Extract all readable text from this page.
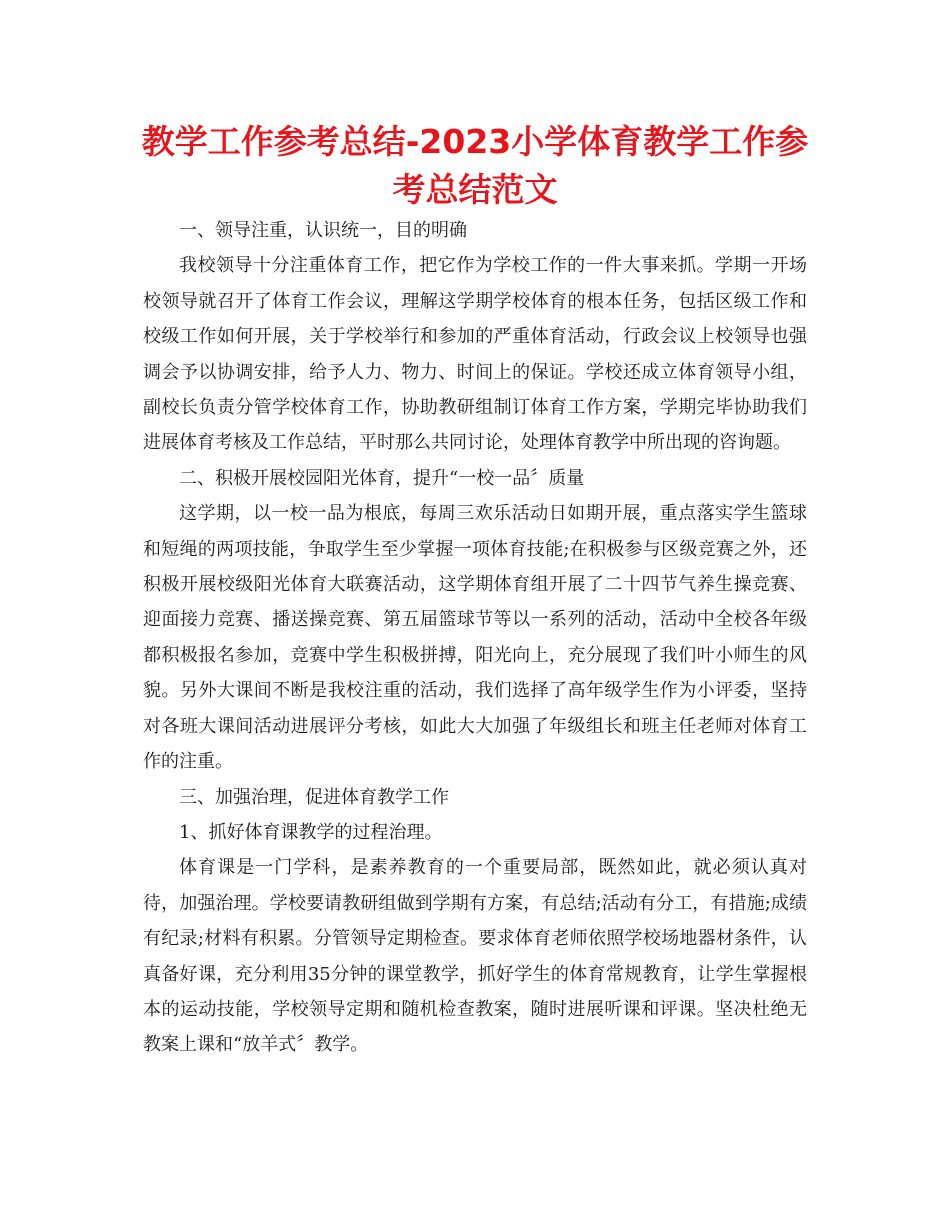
教学工作参考总结-2023小学体育教学工作参考总结范文

一、领导注重，认识统一，目的明确

我校领导十分注重体育工作，把它作为学校工作的一件大事来抓。学期一开场校领导就召开了体育工作会议，理解这学期学校体育的根本任务，包括区级工作和校级工作如何开展，关于学校举行和参加的严重体育活动，行政会议上校领导也强调会予以协调安排，给予人力、物力、时间上的保证。学校还成立体育领导小组，副校长负责分管学校体育工作，协助教研组制订体育工作方案，学期完毕协助我们进展体育考核及工作总结，平时那么共同讨论，处理体育教学中所出现的咨询题。

二、积极开展校园阳光体育，提升“一校一品〞质量

这学期，以一校一品为根底，每周三欢乐活动日如期开展，重点落实学生篮球和短绳的两项技能，争取学生至少掌握一项体育技能;在积极参与区级竞赛之外，还积极开展校级阳光体育大联赛活动，这学期体育组开展了二十四节气养生操竞赛、迎面接力竞赛、播送操竞赛、第五届篮球节等以一系列的活动，活动中全校各年级都积极报名参加，竞赛中学生积极拼搏，阳光向上，充分展现了我们叶小师生的风貌。另外大课间不断是我校注重的活动，我们选择了高年级学生作为小评委，坚持对各班大课间活动进展评分考核，如此大大加强了年级组长和班主任老师对体育工作的注重。

三、加强治理，促进体育教学工作

1、抓好体育课教学的过程治理。

体育课是一门学科，是素养教育的一个重要局部，既然如此，就必须认真对待，加强治理。学校要请教研组做到学期有方案，有总结;活动有分工，有措施;成绩有纪录;材料有积累。分管领导定期检查。要求体育老师依照学校场地器材条件，认真备好课，充分利用35分钟的课堂教学，抓好学生的体育常规教育，让学生掌握根本的运动技能，学校领导定期和随机检查教案，随时进展听课和评课。坚决杜绝无教案上课和“放羊式〞教学。
